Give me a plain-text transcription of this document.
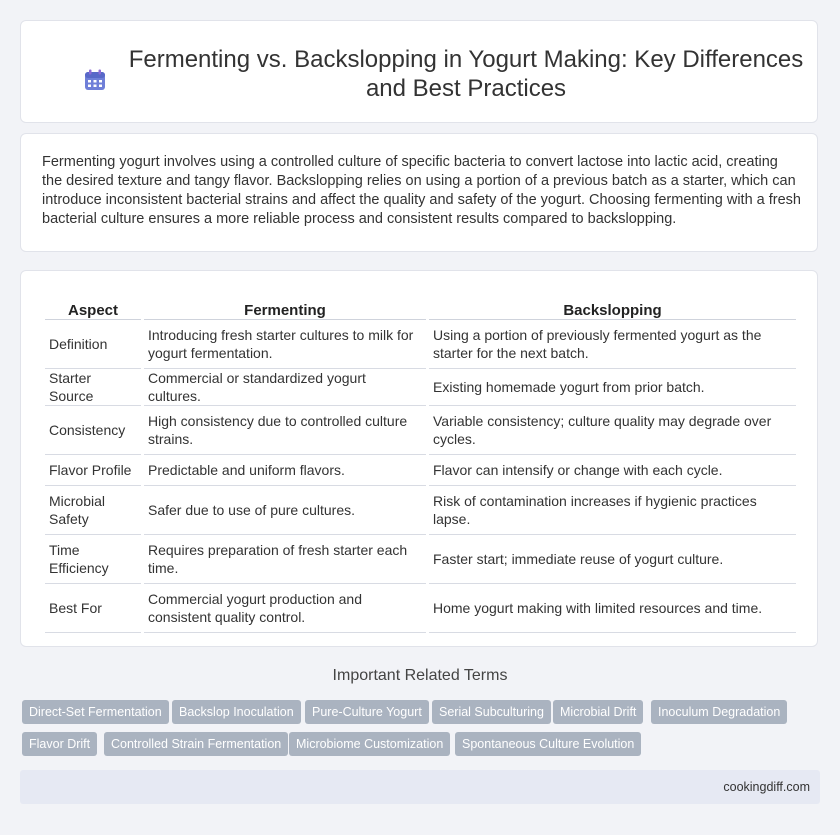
Fermenting vs. Backslopping in Yogurt Making: Key Differences and Best Practices
Fermenting yogurt involves using a controlled culture of specific bacteria to convert lactose into lactic acid, creating the desired texture and tangy flavor. Backslopping relies on using a portion of a previous batch as a starter, which can introduce inconsistent bacterial strains and affect the quality and safety of the yogurt. Choosing fermenting with a fresh bacterial culture ensures a more reliable process and consistent results compared to backslopping.
Aspect	Fermenting	Backslopping
Definition	Introducing fresh starter cultures to milk for yogurt fermentation.	Using a portion of previously fermented yogurt as the starter for the next batch.
Starter Source	Commercial or standardized yogurt cultures.	Existing homemade yogurt from prior batch.
Consistency	High consistency due to controlled culture strains.	Variable consistency; culture quality may degrade over cycles.
Flavor Profile	Predictable and uniform flavors.	Flavor can intensify or change with each cycle.
Microbial Safety	Safer due to use of pure cultures.	Risk of contamination increases if hygienic practices lapse.
Time Efficiency	Requires preparation of fresh starter each time.	Faster start; immediate reuse of yogurt culture.
Best For	Commercial yogurt production and consistent quality control.	Home yogurt making with limited resources and time.
Important Related Terms
Direct-Set Fermentation	Backslop Inoculation	Pure-Culture Yogurt	Serial Subculturing	Microbial Drift	Inoculum Degradation
Flavor Drift	Controlled Strain Fermentation	Microbiome Customization	Spontaneous Culture Evolution
cookingdiff.com
